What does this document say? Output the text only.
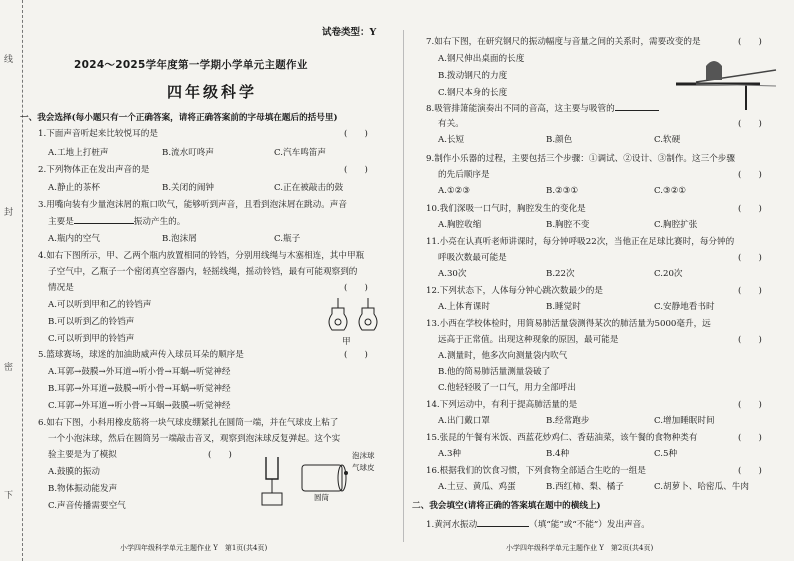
线
封
密
下
试卷类型：Y
2024～2025学年度第一学期小学单元主题作业
四年级科学
一、我会选择(每小题只有一个正确答案，请将正确答案前的字母填在题后的括号里)
1.下面声音听起来比较悦耳的是	(　　)
A.工地上打桩声	B.流水叮咚声	C.汽车鸣笛声
2.下列物体正在发出声音的是	(　　)
A.静止的茶杯	B.关闭的闹钟	C.正在被敲击的鼓
3.用嘴向装有少量泡沫屑的瓶口吹气，能够听到声音，且看到泡沫屑在跳动。声音
主要是	振动产生的。
A.瓶内的空气	B.泡沫屑	C.瓶子
4.如右下图所示，甲、乙两个瓶内放置相同的铃铛，分别用线绳与木塞相连，其中甲瓶
子空气中，乙瓶子一个密闭真空容器内，轻摇线绳，摇动铃铛，最有可能观察到的
情况是	(　　)
A.可以听到甲和乙的铃铛声
B.可以听到乙的铃铛声
C.可以听到甲的铃铛声	甲
5.篮球赛场，球迷的加油助威声传入球员耳朵的顺序是	(　　)
A.耳郭→鼓膜→外耳道→听小骨→耳蜗→听觉神经
B.耳郭→外耳道→鼓膜→听小骨→耳蜗→听觉神经
C.耳郭→外耳道→听小骨→耳蜗→鼓膜→听觉神经
6.如右下图，小科用橡皮筋将一块气球皮绷紧扎在圆筒一端，并在气球皮上粘了
一个小泡沫球，然后在圆筒另一端敲击音叉，观察到泡沫球反复弹起。这个实
验主要是为了模拟	(　　)
A.鼓膜的振动
B.物体振动能发声
C.声音传播需要空气
泡沫球
气球皮
圆筒
小学四年级科学单元主题作业 Y　第1页(共4页)
7.如右下图，在研究钢尺的振动幅度与音量之间的关系时，需要改变的是	(　　)
A.钢尺伸出桌面的长度
B.拨动钢尺的力度
C.钢尺本身的长度
8.吸管排箫能演奏出不同的音高，这主要与吸管的
有关。	(　　)
A.长短	B.颜色	C.软硬
9.制作小乐器的过程，主要包括三个步骤：①调试、②设计、③制作。这三个步骤
的先后顺序是	(　　)
A.①②③	B.②③①	C.③②①
10.我们深吸一口气时，胸腔发生的变化是	(　　)
A.胸腔收缩	B.胸腔不变	C.胸腔扩张
11.小亮在认真听老师讲课时，每分钟呼吸22次，当他正在足球比赛时，每分钟的
呼吸次数最可能是	(　　)
A.30次	B.22次	C.20次
12.下列状态下，人体每分钟心跳次数最少的是	(　　)
A.上体育课时	B.睡觉时	C.安静地看书时
13.小西在学校体检时，用简易肺活量袋测得某次的肺活量为5000毫升，远
远高于正常值。出现这种现象的原因，最可能是	(　　)
A.测量时，他多次向测量袋内吹气
B.他的简易肺活量测量袋破了
C.他轻轻吸了一口气，用力全部呼出
14.下列运动中，有利于提高肺活量的是	(　　)
A.出门戴口罩	B.经常跑步	C.增加睡眠时间
15.张昆的午餐有米饭、西蓝花炒鸡仁、香菇油菜，该午餐的食物种类有	(　　)
A.3种	B.4种	C.5种
16.根据我们的饮食习惯，下列食物全部适合生吃的一组是	(　　)
A.土豆、黄瓜、鸡蛋	B.西红柿、梨、橘子	C.胡萝卜、哈密瓜、牛肉
二、我会填空(请将正确的答案填在题中的横线上)
1.黄河水振动	（填“能”或“不能”）发出声音。
小学四年级科学单元主题作业 Y　第2页(共4页)
